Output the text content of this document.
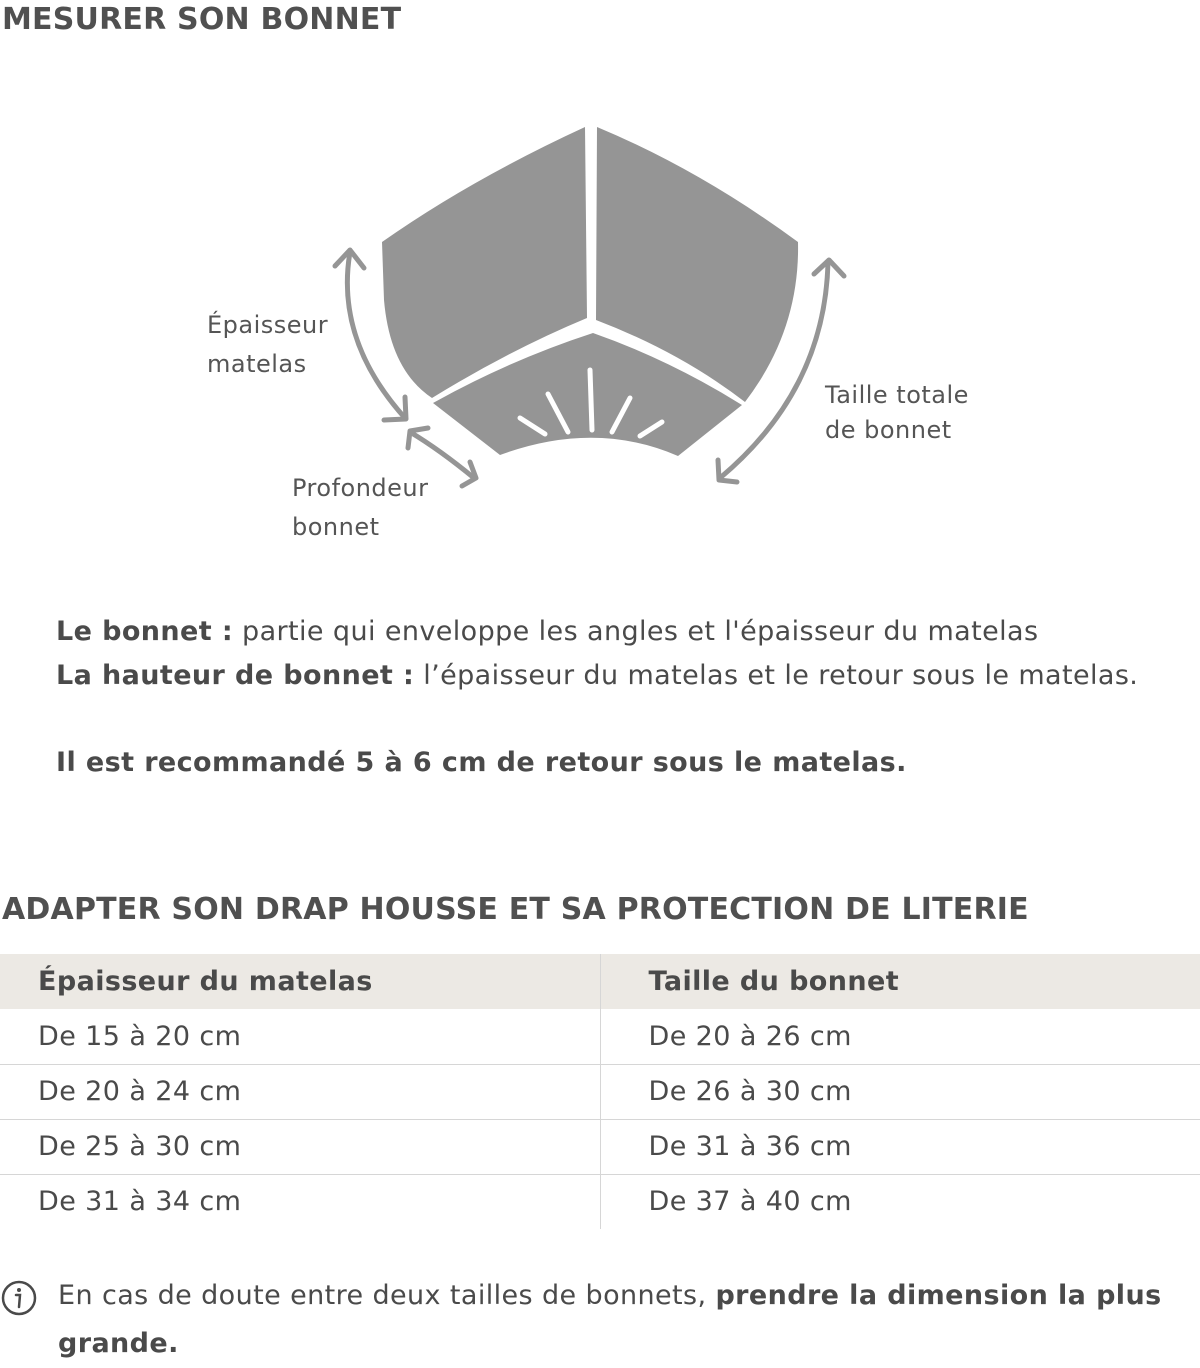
MESURER SON BONNET
Épaisseur
matelas
Profondeur
bonnet
Taille totale
de bonnet

Le bonnet : partie qui enveloppe les angles et l'épaisseur du matelas

La hauteur de bonnet : l’épaisseur du matelas et le retour sous le matelas.

Il est recommandé 5 à 6 cm de retour sous le matelas.

ADAPTER SON DRAP HOUSSE ET SA PROTECTION DE LITERIE
Épaisseur du matelas	Taille du bonnet
De 15 à 20 cm	De 20 à 26 cm
De 20 à 24 cm	De 26 à 30 cm
De 25 à 30 cm	De 31 à 36 cm
De 31 à 34 cm	De 37 à 40 cm

En cas de doute entre deux tailles de bonnets, prendre la dimension la plus grande.
